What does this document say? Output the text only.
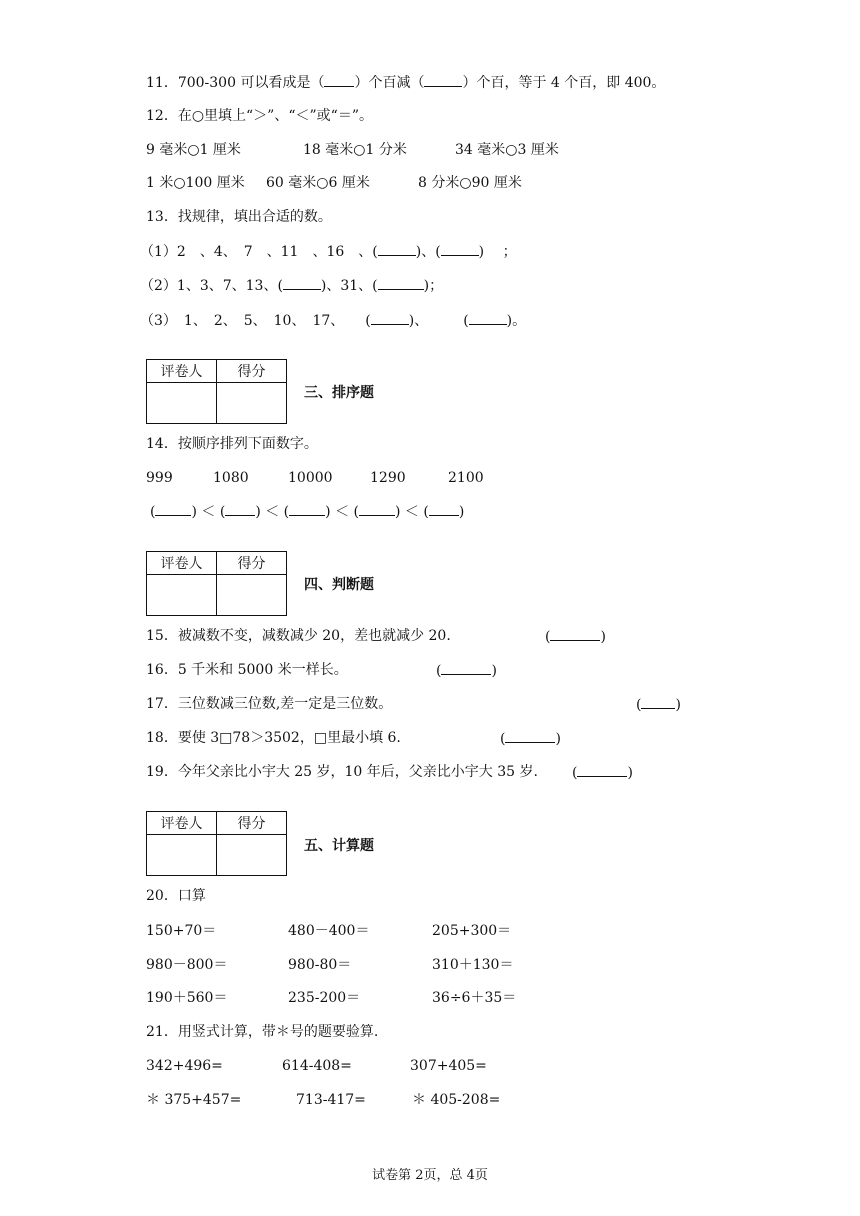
11．700-300 可以看成是（ ）个百减（	）个百，等于 4 个百，即 400。
12．在○里填上“＞”、“＜”或“＝”。
9 毫米○1 厘米	18 毫米○1 分米	34 毫米○3 厘米
1 米○100 厘米 60 毫米○6 厘米	8 分米○90 厘米
13．找规律，填出合适的数。
（1）2　、4、　7　、11　、16　、(	)、(	)　 ；
（2）1、3、7、13、(	)、31、(	)；
（3）　1、　2、　5、　10、　17、　　(	)、　　　(	)。
评卷人	得分

三、排序题
14．按顺序排列下面数字。
999	1080	10000	1290	2100
(	) ＜ ( ) ＜ (	) ＜ (	) ＜ ( )
评卷人	得分

四、判断题
15．被减数不变，减数减少 20，差也就减少 20.	(	)
16．5 千米和 5000 米一样长。	(	)
17．三位数减三位数,差一定是三位数。	( )
18．要使 3□78＞3502，□里最小填 6.	(	)
19．今年父亲比小宇大 25 岁，10 年后，父亲比小宇大 35 岁. (	)
评卷人	得分

五、计算题
20．口算
150+70＝	480－400＝	205+300＝
980－800＝	980-80＝	310＋130＝
190＋560＝	235-200＝	36÷6＋35＝
21．用竖式计算，带＊号的题要验算.
342+496=	614-408=	307+405=
＊ 375+457=	713-417=	＊ 405-208=
试卷第 2页，总 4页
